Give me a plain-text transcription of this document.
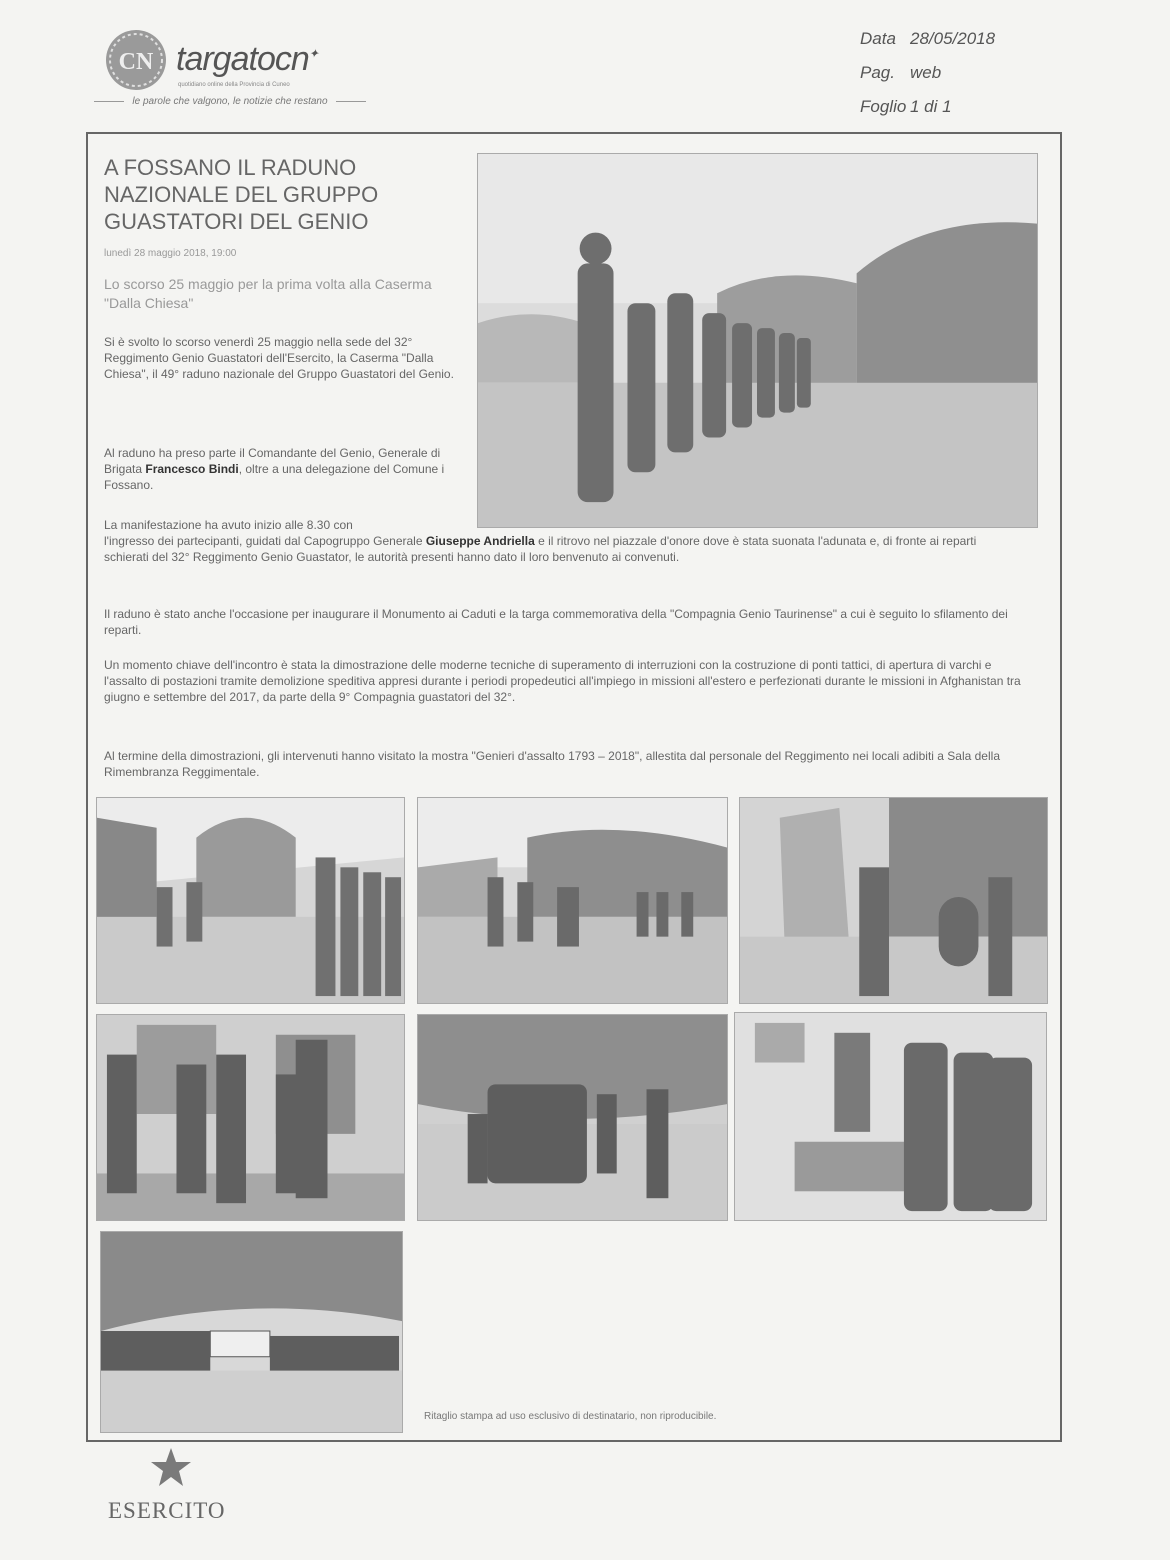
CN targatocn✦
quotidiano online della Provincia di Cuneo
le parole che valgono, le notizie che restano
Data 28/05/2018
Pag. web
Foglio 1 di 1
A FOSSANO IL RADUNO NAZIONALE DEL GRUPPO GUASTATORI DEL GENIO
lunedì 28 maggio 2018, 19:00

Lo scorso 25 maggio per la prima volta alla Caserma "Dalla Chiesa"

Si è svolto lo scorso venerdì 25 maggio nella sede del 32° Reggimento Genio Guastatori dell'Esercito, la Caserma "Dalla Chiesa", il 49° raduno nazionale del Gruppo Guastatori del Genio.

Al raduno ha preso parte il Comandante del Genio, Generale di Brigata Francesco Bindi, oltre a una delegazione del Comune i Fossano.

La manifestazione ha avuto inizio alle 8.30 con

l'ingresso dei partecipanti, guidati dal Capogruppo Generale Giuseppe Andriella e il ritrovo nel piazzale d'onore dove è stata suonata l'adunata e, di fronte ai reparti schierati del 32° Reggimento Genio Guastator, le autorità presenti hanno dato il loro benvenuto ai convenuti.

Il raduno è stato anche l'occasione per inaugurare il Monumento ai Caduti e la targa commemorativa della "Compagnia Genio Taurinense" a cui è seguito lo sfilamento dei reparti.

Un momento chiave dell'incontro è stata la dimostrazione delle moderne tecniche di superamento di interruzioni con la costruzione di ponti tattici, di apertura di varchi e l'assalto di postazioni tramite demolizione speditiva appresi durante i periodi propedeutici all'impiego in missioni all'estero e perfezionati durante le missioni in Afghanistan tra giugno e settembre del 2017, da parte della 9° Compagnia guastatori del 32°.

Al termine della dimostrazioni, gli intervenuti hanno visitato la mostra "Genieri d'assalto 1793 – 2018", allestita dal personale del Reggimento nei locali adibiti a Sala della Rimembranza Reggimentale.

Ritaglio stampa ad uso esclusivo di destinatario, non riproducibile.
ESERCITO
